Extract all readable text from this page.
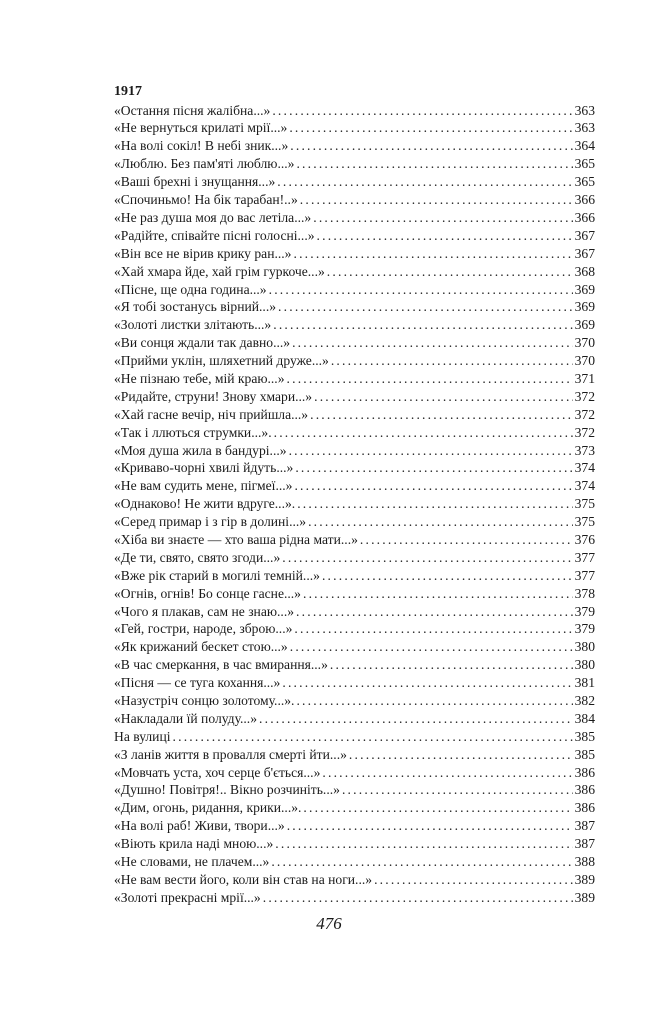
1917
«Остання пісня жалібна...» . . .	363
«Не вернуться крилаті мрії...» . . .	363
«На волі сокіл! В небі зник...» . . .	364
«Люблю. Без пам'яті люблю...» . . .	365
«Ваші брехні і знущання...» . . .	365
«Спочиньмо! На бік тарабан!..» . . .	366
«Не раз душа моя до вас летіла...» . . .	366
«Радійте, співайте пісні голосні...» . . .	367
«Він все не вірив крику ран...» . . .	367
«Хай хмара йде, хай грім гуркоче...» . . .	368
«Пісне, ще одна година...» . . .	369
«Я тобі зостанусь вірний...» . . .	369
«Золоті листки злітають...» . . .	369
«Ви сонця ждали так давно...» . . .	370
«Прийми уклін, шляхетний друже...» . . .	370
«Не пізнаю тебе, мій краю...» . . .	371
«Ридайте, струни! Знову хмари...» . . .	372
«Хай гасне вечір, ніч прийшла...» . . .	372
«Так і ллються струмки...». . . .	372
«Моя душа жила в бандурі...» . . .	373
«Криваво-чорні хвилі йдуть...» . . .	374
«Не вам судить мене, пігмеї...» . . .	374
«Однаково! Не жити вдруге...». . . .	375
«Серед примар і з гір в долині...» . . .	375
«Хіба ви знаєте — хто ваша рідна мати...» . . .	376
«Де ти, свято, свято згоди...» . . .	377
«Вже рік старий в могилі темній...» . . .	377
«Огнів, огнів! Бо сонце гасне...» . . .	378
«Чого я плакав, сам не знаю...» . . .	379
«Гей, гостри, народе, зброю...» . . .	379
«Як крижаний бескет стою...» . . .	380
«В час смеркання, в час вмирання...» . . .	380
«Пісня — се туга кохання...» . . .	381
«Назустріч сонцю золотому...». . . .	382
«Накладали їй полуду...» . . .	384
На вулиці . . .	385
«З ланів життя в провалля смерті йти...» . . .	385
«Мовчать уста, хоч серце б'ється...» . . .	386
«Душно! Повітря!.. Вікно розчиніть...» . . .	386
«Дим, огонь, ридання, крики...». . . .	386
«На волі раб! Живи, твори...» . . .	387
«Віють крила наді мною...» . . .	387
«Не словами, не плачем...» . . .	388
«Не вам вести його, коли він став на ноги...» . . .	389
«Золоті прекрасні мрії...» . . .	389
476
